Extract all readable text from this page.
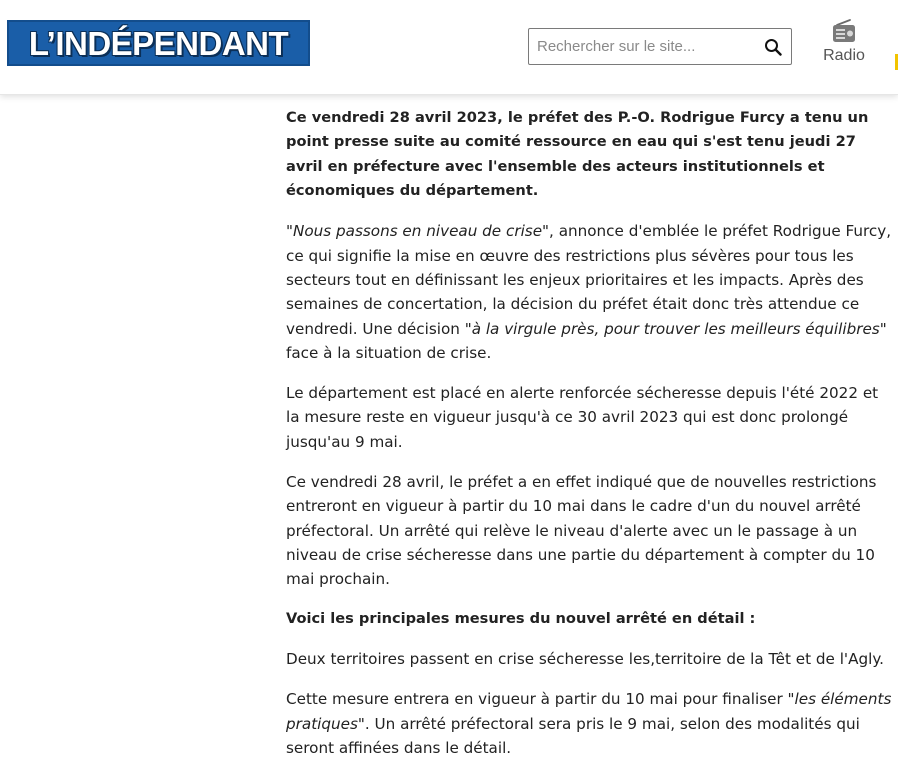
L’INDÉPENDANT
Rechercher sur le site...	Radio

Ce vendredi 28 avril 2023, le préfet des P.-O. Rodrigue Furcy a tenu un point presse suite au comité ressource en eau qui s'est tenu jeudi 27 avril en préfecture avec l'ensemble des acteurs institutionnels et économiques du département.

"Nous passons en niveau de crise", annonce d'emblée le préfet Rodrigue Furcy, ce qui signifie la mise en œuvre des restrictions plus sévères pour tous les secteurs tout en définissant les enjeux prioritaires et les impacts. Après des semaines de concertation, la décision du préfet était donc très attendue ce vendredi. Une décision "à la virgule près, pour trouver les meilleurs équilibres" face à la situation de crise.

Le département est placé en alerte renforcée sécheresse depuis l'été 2022 et la mesure reste en vigueur jusqu'à ce 30 avril 2023 qui est donc prolongé jusqu'au 9 mai.

Ce vendredi 28 avril, le préfet a en effet indiqué que de nouvelles restrictions entreront en vigueur à partir du 10 mai dans le cadre d'un du nouvel arrêté préfectoral. Un arrêté qui relève le niveau d'alerte avec un le passage à un niveau de crise sécheresse dans une partie du département à compter du 10 mai prochain.

Voici les principales mesures du nouvel arrêté en détail :

Deux territoires passent en crise sécheresse les,territoire de la Têt et de l'Agly.

Cette mesure entrera en vigueur à partir du 10 mai pour finaliser "les éléments pratiques". Un arrêté préfectoral sera pris le 9 mai, selon des modalités qui seront affinées dans le détail.
